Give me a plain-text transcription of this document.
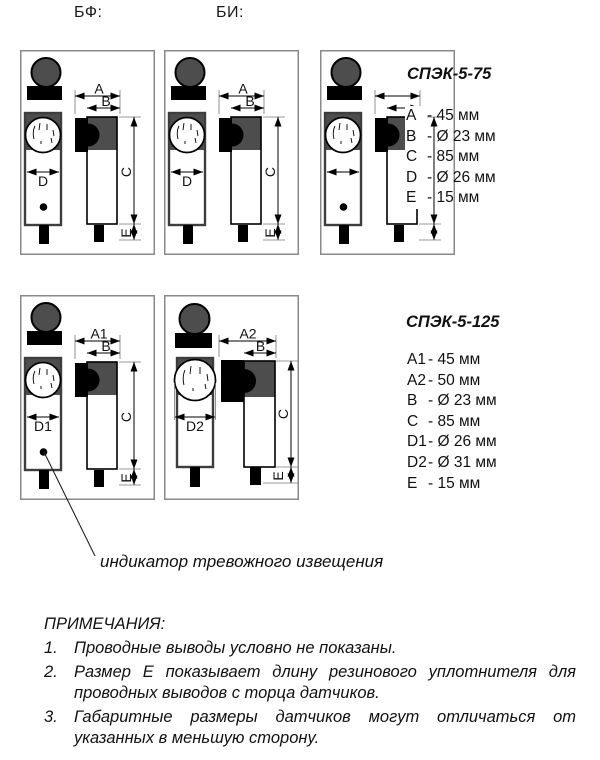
БФ:	БИ:
D
A
B
C
E
D
A
B
C
E
D1
A1
B
C
E
D2
A2
B
C
E
СПЭК-5-75
A - 45 мм
B - Ø 23 мм
C - 85 мм
D - Ø 26 мм
E - 15 мм
СПЭК-5-125
A1 - 45 мм
A2 - 50 мм
B - Ø 23 мм
C - 85 мм
D1- Ø 26 мм
D2- Ø 31 мм
E - 15 мм
индикатор тревожного извещения
ПРИМЕЧАНИЯ:
1. Проводные выводы условно не показаны.
2. Размер Е показывает длину резинового уплотнителя для
проводных выводов с торца датчиков.
3. Габаритные размеры датчиков могут отличаться от
указанных в меньшую сторону.
